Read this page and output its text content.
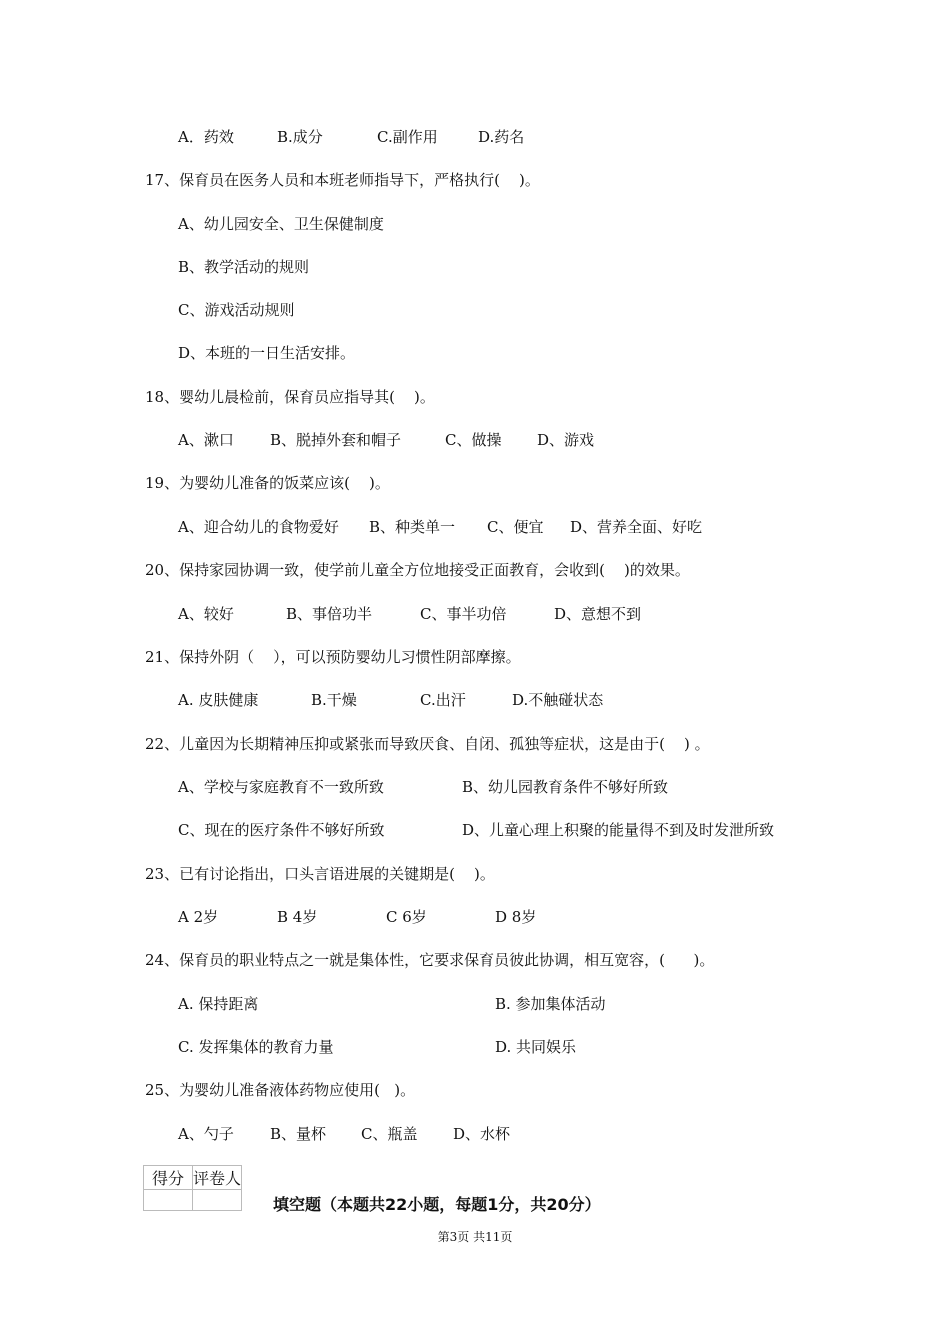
A．药效	B.成分	C.副作用	D.药名
17、保育员在医务人员和本班老师指导下，严格执行(    )。
A、幼儿园安全、卫生保健制度
B、教学活动的规则
C、游戏活动规则
D、本班的一日生活安排。
18、婴幼儿晨检前，保育员应指导其(    )。
A、漱口 B、脱掉外套和帽子	C、做操 D、游戏
19、为婴幼儿准备的饭菜应该(    )。
A、迎合幼儿的食物爱好 B、种类单一 C、便宜 D、营养全面、好吃
20、保持家园协调一致，使学前儿童全方位地接受正面教育，会收到(    )的效果。
A、较好	B、事倍功半	C、事半功倍	D、意想不到
21、保持外阴（    ），可以预防婴幼儿习惯性阴部摩擦。
A. 皮肤健康	B.干燥	C.出汗	D.不触碰状态
22、儿童因为长期精神压抑或紧张而导致厌食、自闭、孤独等症状，这是由于(    ) 。
A、学校与家庭教育不一致所致	B、幼儿园教育条件不够好所致
C、现在的医疗条件不够好所致	D、儿童心理上积聚的能量得不到及时发泄所致
23、已有讨论指出，口头言语进展的关键期是(    )。
A 2岁	B 4岁	C 6岁	D 8岁
24、保育员的职业特点之一就是集体性，它要求保育员彼此协调，相互宽容，(      )。
A. 保持距离	B. 参加集体活动
C. 发挥集体的教育力量	D. 共同娱乐
25、为婴幼儿准备液体药物应使用(   )。
A、勺子 B、量杯 C、瓶盖 D、水杯
得分	评卷人

填空题（本题共22小题，每题1分，共20分）
第3页 共11页
